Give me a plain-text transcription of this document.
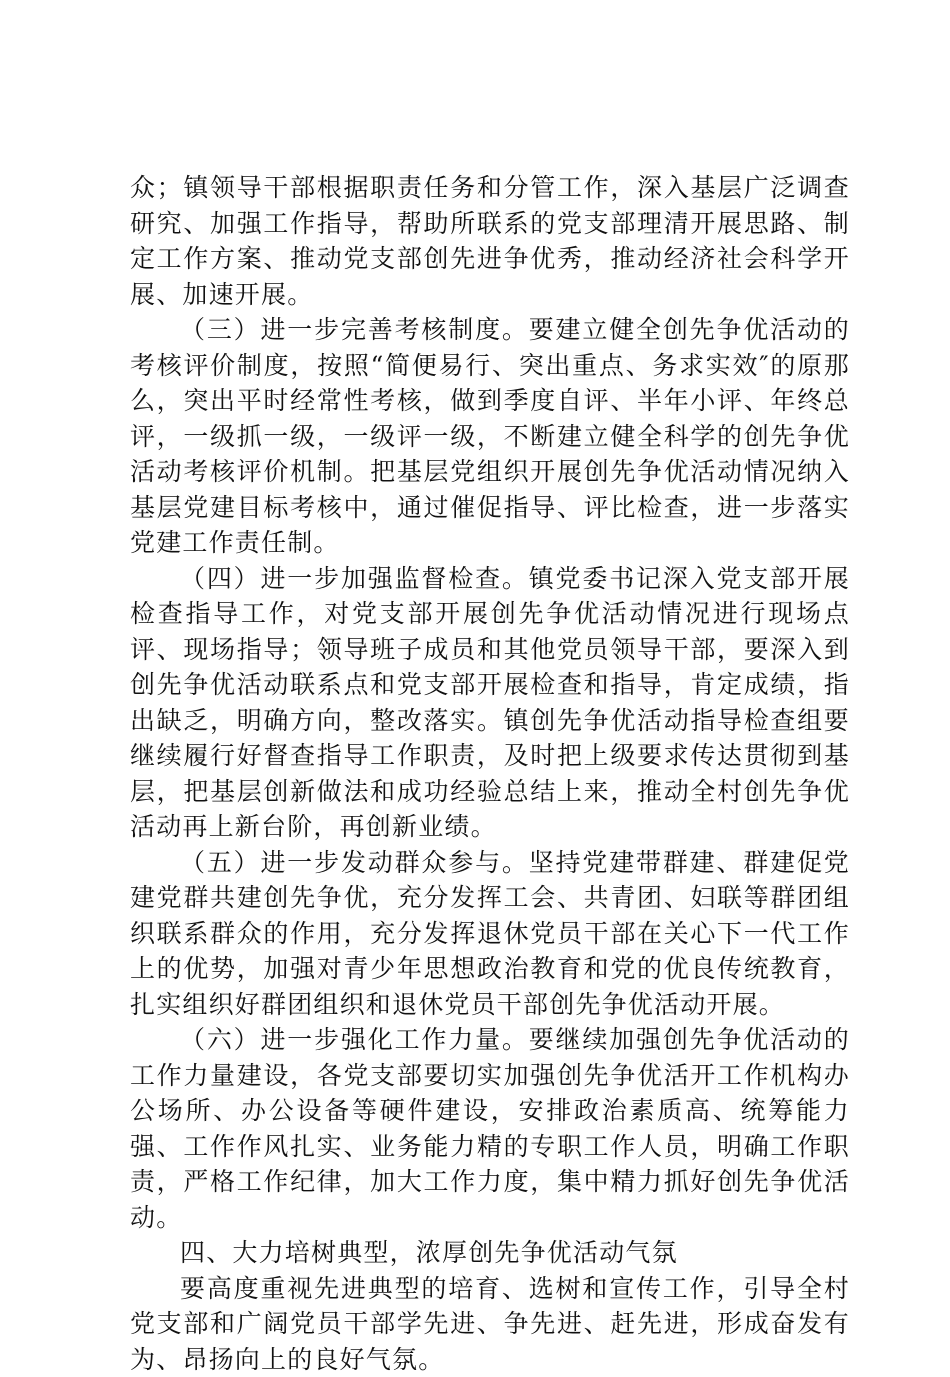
众；镇领导干部根据职责任务和分管工作，深入基层广泛调查研究、加强工作指导，帮助所联系的党支部理清开展思路、制定工作方案、推动党支部创先进争优秀，推动经济社会科学开展、加速开展。

（三）进一步完善考核制度。要建立健全创先争优活动的考核评价制度，按照“简便易行、突出重点、务求实效″的原那么，突出平时经常性考核，做到季度自评、半年小评、年终总评，一级抓一级，一级评一级，不断建立健全科学的创先争优活动考核评价机制。把基层党组织开展创先争优活动情况纳入基层党建目标考核中，通过催促指导、评比检查，进一步落实党建工作责任制。

（四）进一步加强监督检查。镇党委书记深入党支部开展检查指导工作，对党支部开展创先争优活动情况进行现场点评、现场指导；领导班子成员和其他党员领导干部，要深入到创先争优活动联系点和党支部开展检查和指导，肯定成绩，指出缺乏，明确方向，整改落实。镇创先争优活动指导检查组要继续履行好督查指导工作职责，及时把上级要求传达贯彻到基层，把基层创新做法和成功经验总结上来，推动全村创先争优活动再上新台阶，再创新业绩。

（五）进一步发动群众参与。坚持党建带群建、群建促党建党群共建创先争优，充分发挥工会、共青团、妇联等群团组织联系群众的作用，充分发挥退休党员干部在关心下一代工作上的优势，加强对青少年思想政治教育和党的优良传统教育，扎实组织好群团组织和退休党员干部创先争优活动开展。

（六）进一步强化工作力量。要继续加强创先争优活动的工作力量建设，各党支部要切实加强创先争优活开工作机构办公场所、办公设备等硬件建设，安排政治素质高、统筹能力强、工作作风扎实、业务能力精的专职工作人员，明确工作职责，严格工作纪律，加大工作力度，集中精力抓好创先争优活动。

四、大力培树典型，浓厚创先争优活动气氛

要高度重视先进典型的培育、选树和宣传工作，引导全村党支部和广阔党员干部学先进、争先进、赶先进，形成奋发有为、昂扬向上的良好气氛。
